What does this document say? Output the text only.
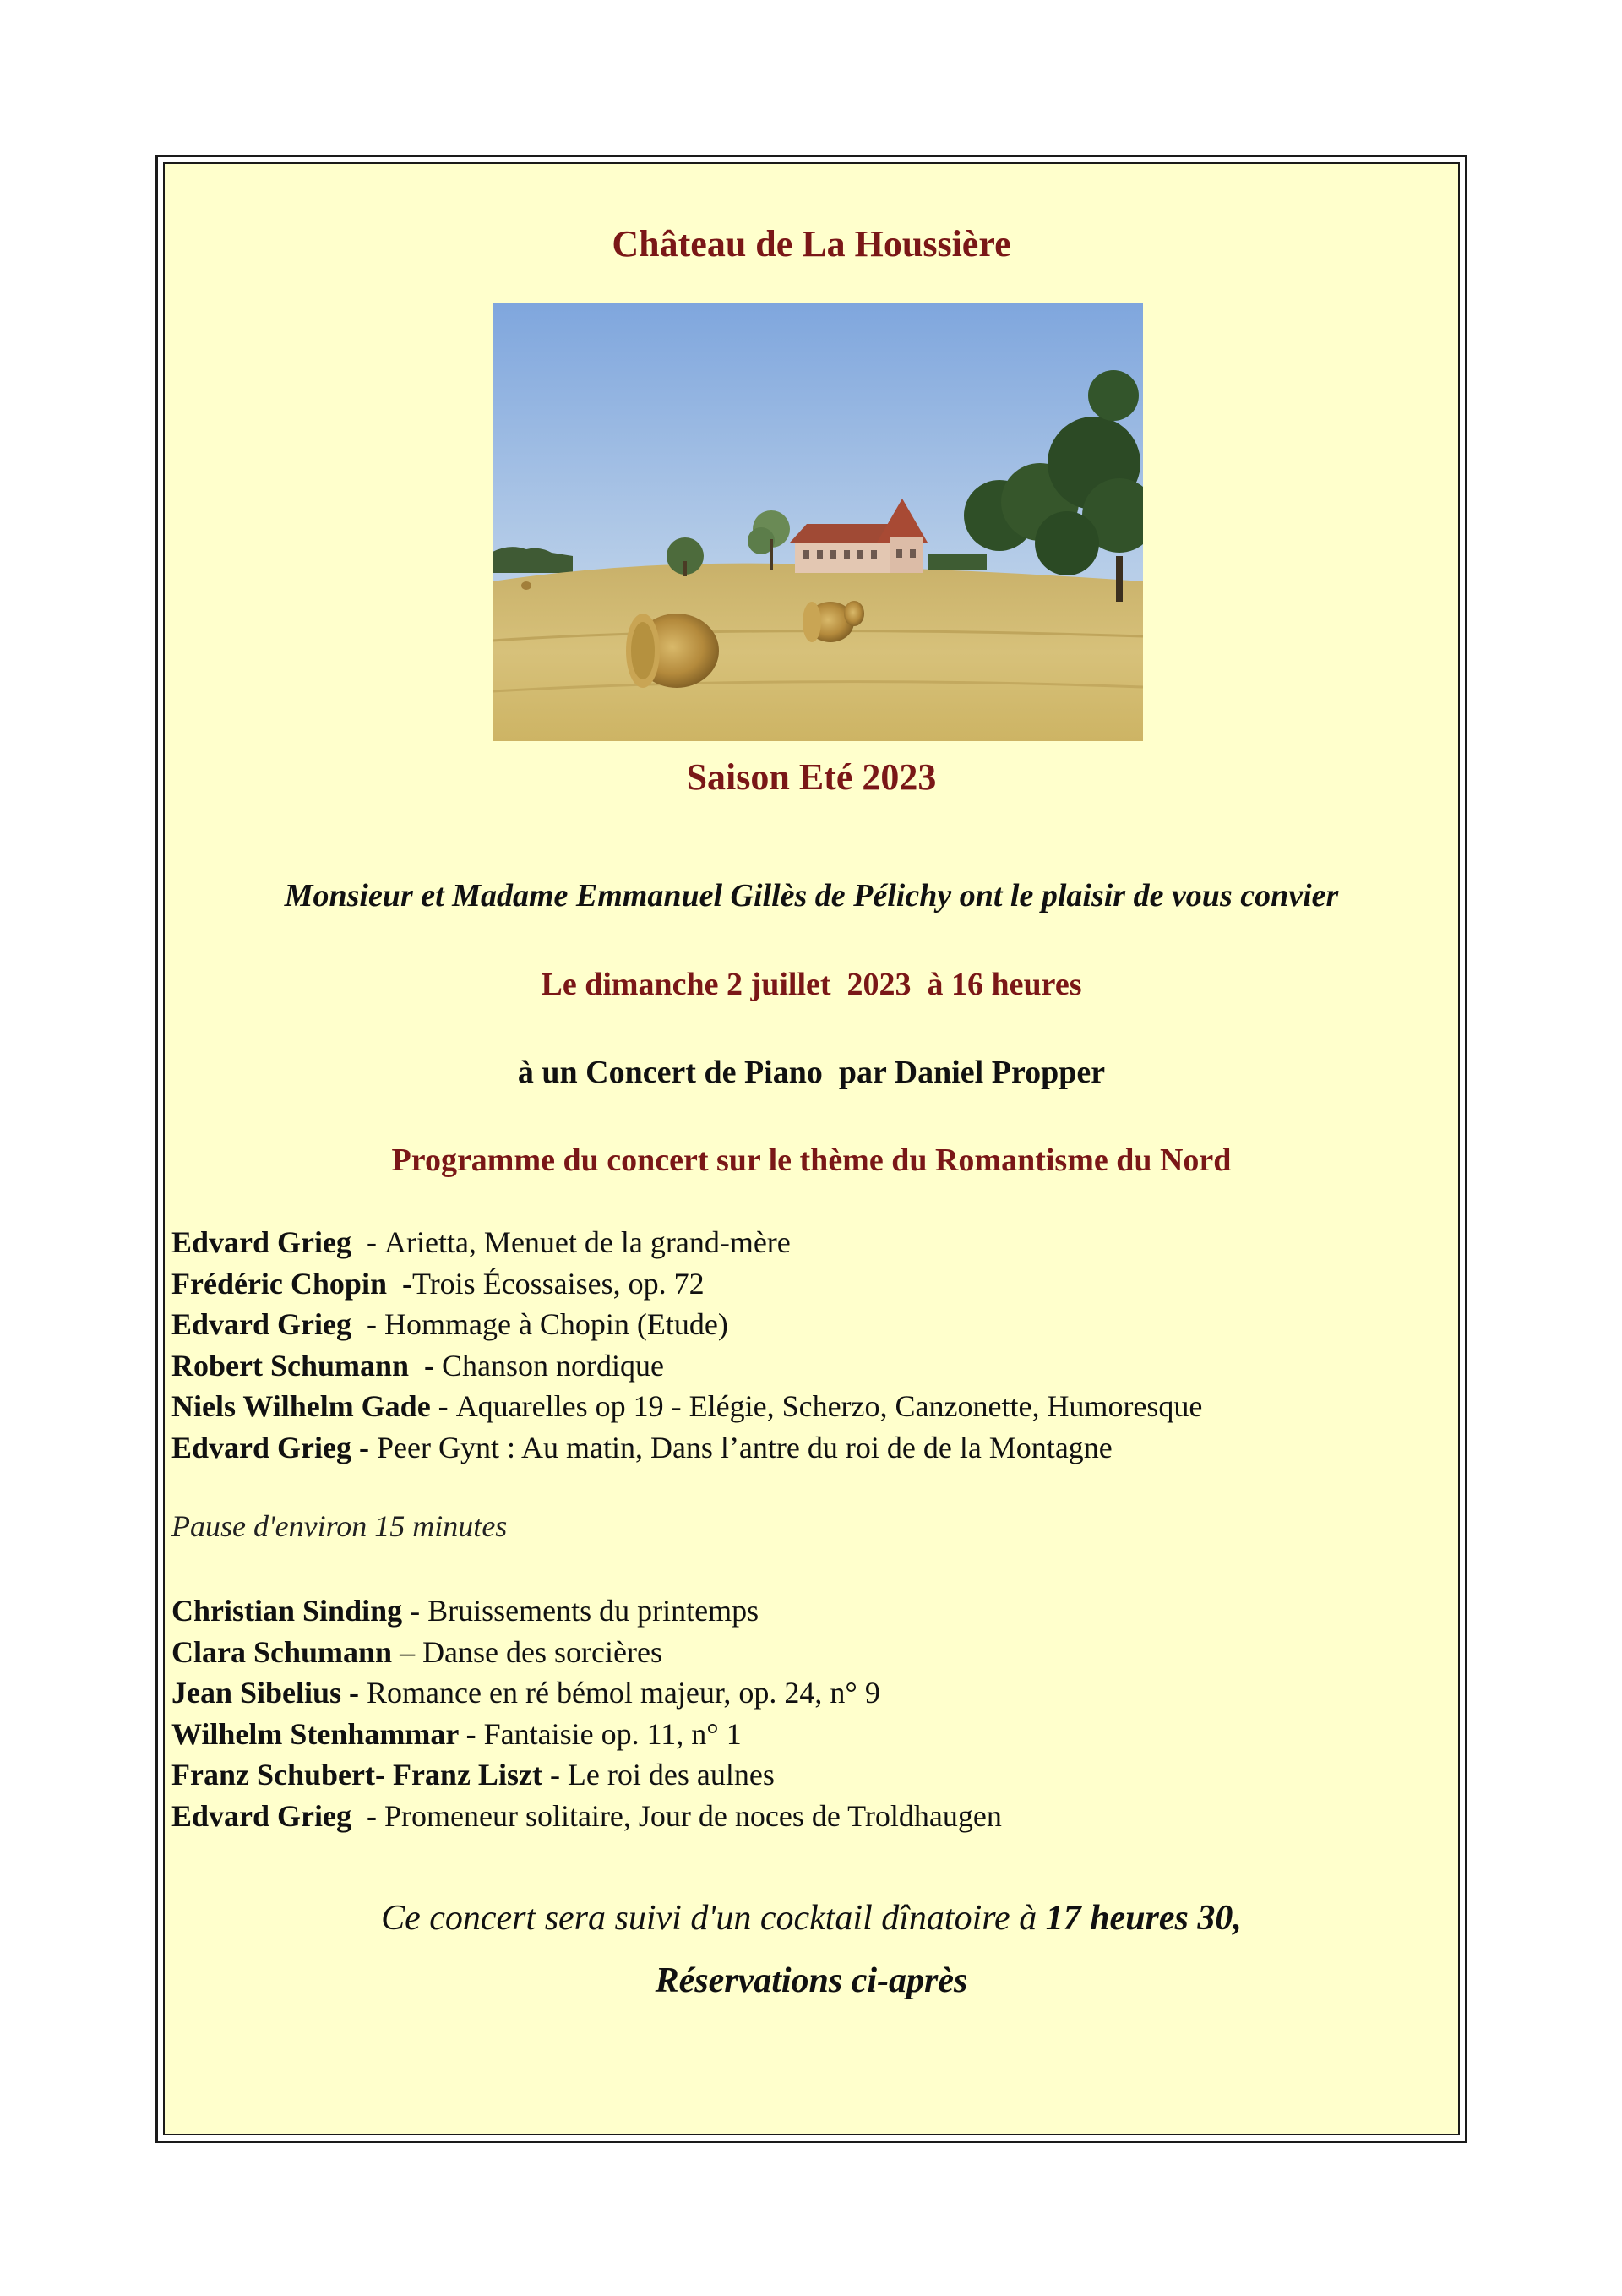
Château de La Houssière
Saison Eté 2023
Monsieur et Madame Emmanuel Gillès de Pélichy ont le plaisir de vous convier
Le dimanche 2 juillet  2023  à 16 heures
à un Concert de Piano  par Daniel Propper
Programme du concert sur le thème du Romantisme du Nord
Edvard Grieg  - Arietta, Menuet de la grand-mère
Frédéric Chopin  -Trois Écossaises, op. 72
Edvard Grieg  - Hommage à Chopin (Etude)
Robert Schumann  - Chanson nordique
Niels Wilhelm Gade - Aquarelles op 19 - Elégie, Scherzo, Canzonette, Humoresque
Edvard Grieg - Peer Gynt : Au matin, Dans l’antre du roi de de la Montagne
Pause d'environ 15 minutes
Christian Sinding - Bruissements du printemps
Clara Schumann – Danse des sorcières
Jean Sibelius - Romance en ré bémol majeur, op. 24, n° 9
Wilhelm Stenhammar - Fantaisie op. 11, n° 1
Franz Schubert- Franz Liszt - Le roi des aulnes
Edvard Grieg  - Promeneur solitaire, Jour de noces de Troldhaugen
Ce concert sera suivi d'un cocktail dînatoire à 17 heures 30,
Réservations ci-après
